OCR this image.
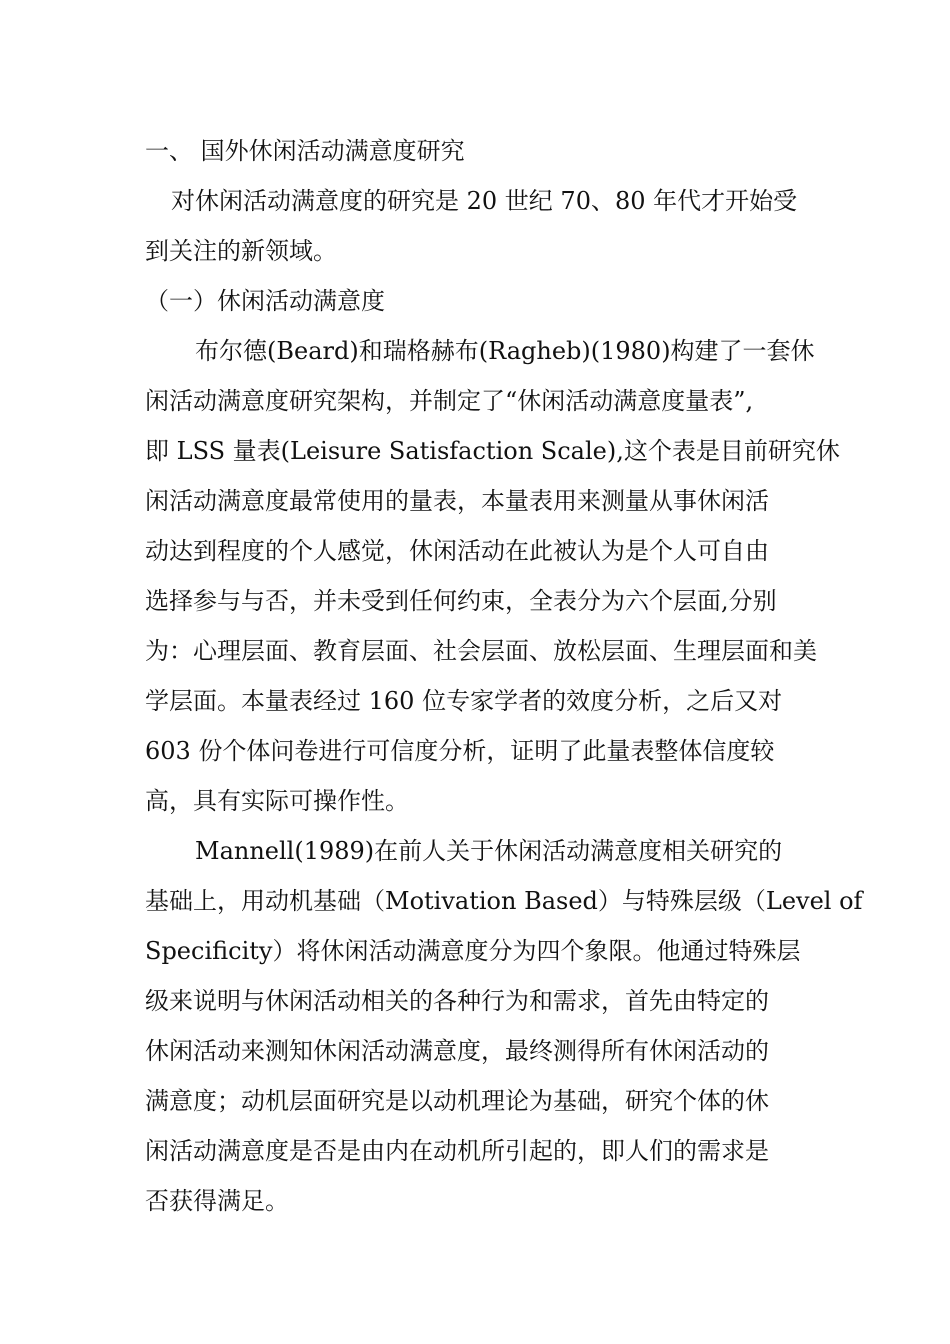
一、 国外休闲活动满意度研究
对休闲活动满意度的研究是 20 世纪 70、80 年代才开始受
到关注的新领域。
（一）休闲活动满意度
布尔德(Beard)和瑞格赫布(Ragheb)(1980)构建了一套休
闲活动满意度研究架构，并制定了“休闲活动满意度量表”,
即 LSS 量表(Leisure Satisfaction Scale),这个表是目前研究休
闲活动满意度最常使用的量表，本量表用来测量从事休闲活
动达到程度的个人感觉，休闲活动在此被认为是个人可自由
选择参与与否，并未受到任何约束，全表分为六个层面,分别
为：心理层面、教育层面、社会层面、放松层面、生理层面和美
学层面。本量表经过 160 位专家学者的效度分析，之后又对
603 份个体问卷进行可信度分析，证明了此量表整体信度较
高，具有实际可操作性。
Mannell(1989)在前人关于休闲活动满意度相关研究的
基础上，用动机基础（Motivation Based）与特殊层级（Level of
Specificity）将休闲活动满意度分为四个象限。他通过特殊层
级来说明与休闲活动相关的各种行为和需求，首先由特定的
休闲活动来测知休闲活动满意度，最终测得所有休闲活动的
满意度；动机层面研究是以动机理论为基础，研究个体的休
闲活动满意度是否是由内在动机所引起的，即人们的需求是
否获得满足。
